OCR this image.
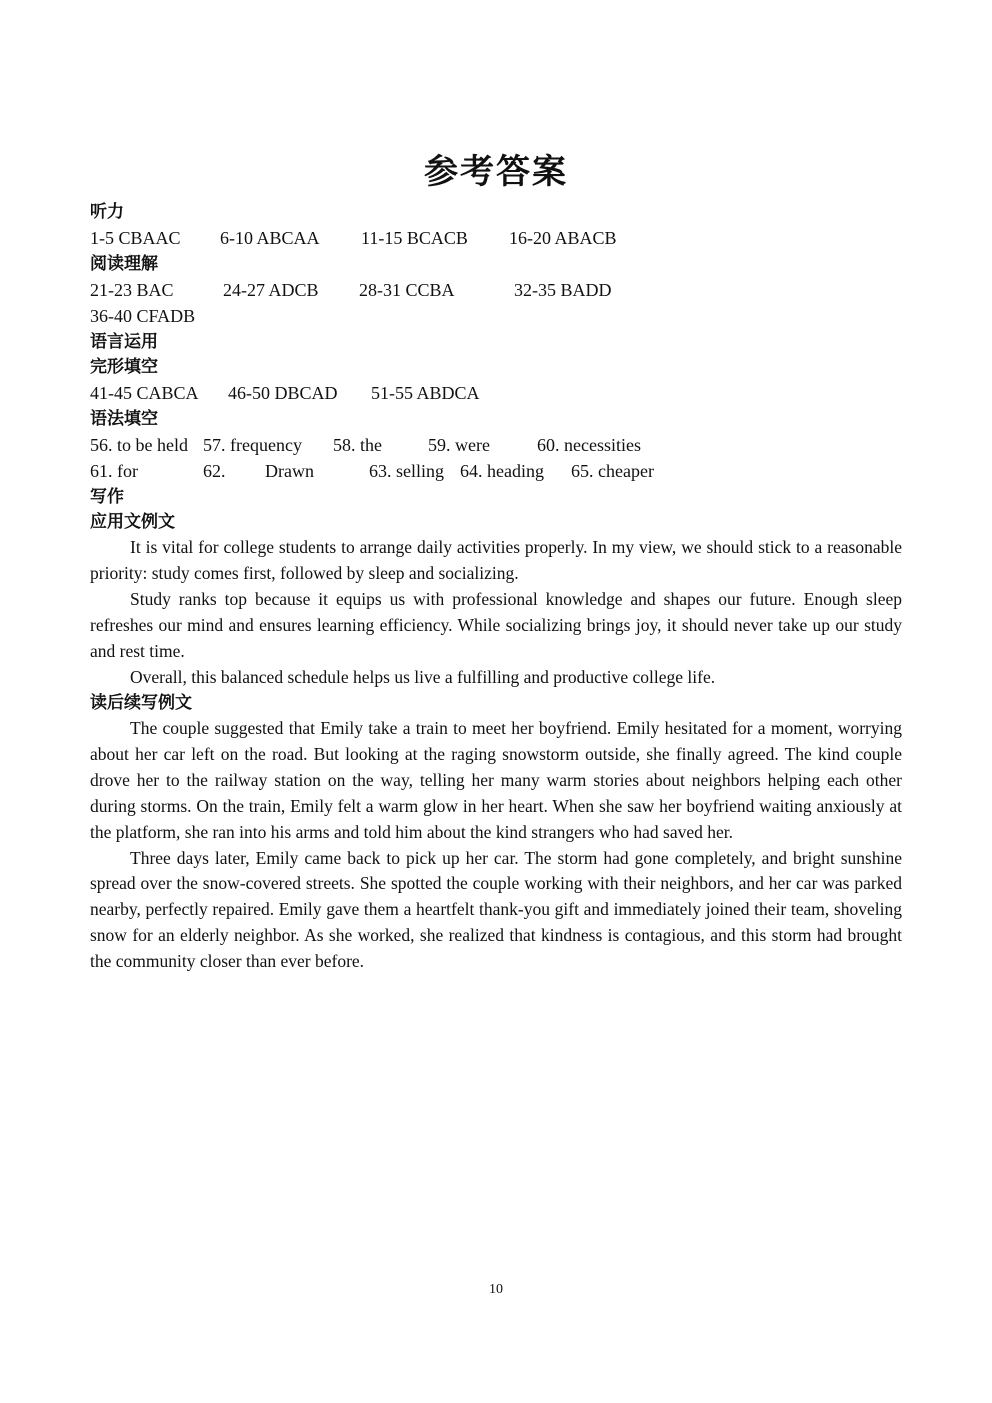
参考答案
听力
1-5 CBAAC 6-10 ABCAA 11-15 BCACB 16-20 ABACB
阅读理解
21-23 BAC	24-27 ADCB 28-31 CCBA	32-35 BADD
36-40 CFADB
语言运用
完形填空
41-45 CABCA 46-50 DBCAD 51-55 ABDCA
语法填空
56. to be held 57. frequency 58. the	59. were	60. necessities
61. for	62. Drawn	63. selling 64. heading 65. cheaper
写作
应用文例文

It is vital for college students to arrange daily activities properly. In my view, we should stick to a reasonable priority: study comes first, followed by sleep and socializing.

Study ranks top because it equips us with professional knowledge and shapes our future. Enough sleep refreshes our mind and ensures learning efficiency. While socializing brings joy, it should never take up our study and rest time.

Overall, this balanced schedule helps us live a fulfilling and productive college life.

读后续写例文

The couple suggested that Emily take a train to meet her boyfriend. Emily hesitated for a moment, worrying about her car left on the road. But looking at the raging snowstorm outside, she finally agreed. The kind couple drove her to the railway station on the way, telling her many warm stories about neighbors helping each other during storms. On the train, Emily felt a warm glow in her heart. When she saw her boyfriend waiting anxiously at the platform, she ran into his arms and told him about the kind strangers who had saved her.

Three days later, Emily came back to pick up her car. The storm had gone completely, and bright sunshine spread over the snow-covered streets. She spotted the couple working with their neighbors, and her car was parked nearby, perfectly repaired. Emily gave them a heartfelt thank-you gift and immediately joined their team, shoveling snow for an elderly neighbor. As she worked, she realized that kindness is contagious, and this storm had brought the community closer than ever before.

10
